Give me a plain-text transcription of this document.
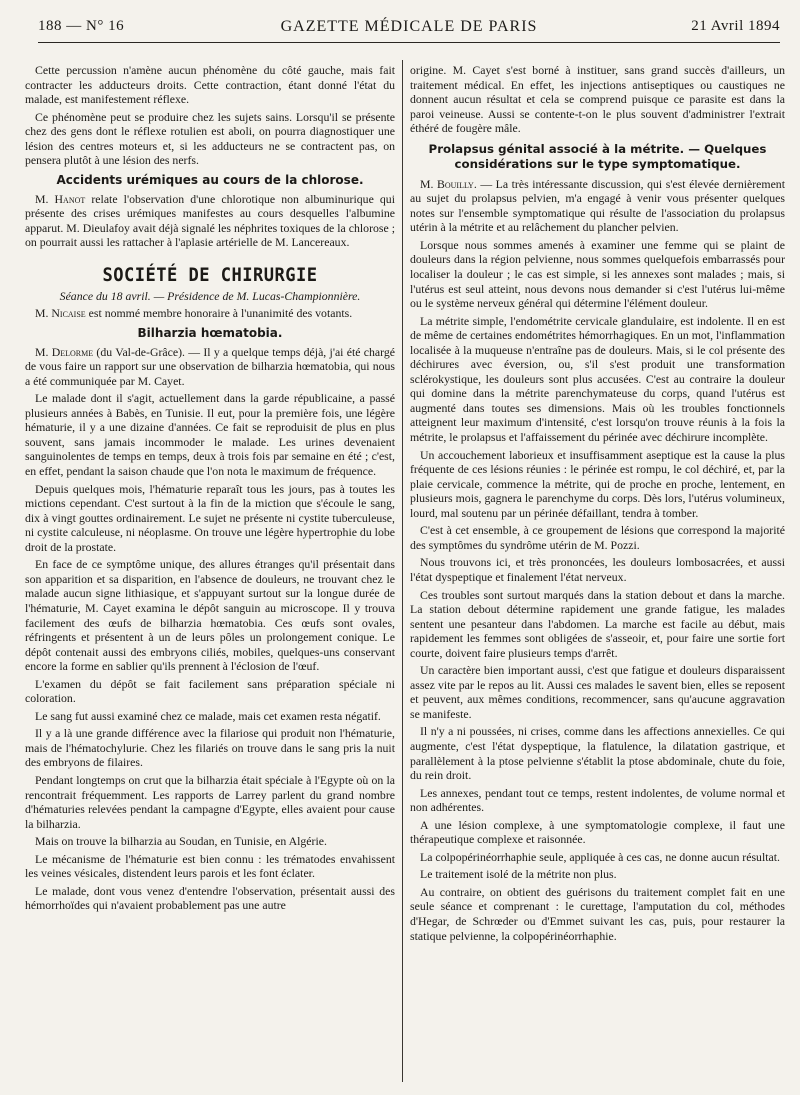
188 — N° 16	GAZETTE MÉDICALE DE PARIS	21 Avril 1894

Cette percussion n'amène aucun phénomène du côté gauche, mais fait contracter les adducteurs droits. Cette contraction, étant donné l'état du malade, est manifestement réflexe.

Ce phénomène peut se produire chez les sujets sains. Lorsqu'il se présente chez des gens dont le réflexe rotulien est aboli, on pourra diagnostiquer une lésion des centres moteurs et, si les adducteurs ne se contractent pas, on pensera plutôt à une lésion des nerfs.

Accidents urémiques au cours de la chlorose.

M. Hanot relate l'observation d'une chlorotique non albuminurique qui présente des crises urémiques manifestes au cours desquelles l'albumine apparut. M. Dieulafoy avait déjà signalé les néphrites toxiques de la chlorose ; on pourrait aussi les rattacher à l'aplasie artérielle de M. Lancereaux.

SOCIÉTÉ DE CHIRURGIE

Séance du 18 avril. — Présidence de M. Lucas-Championnière.

M. Nicaise est nommé membre honoraire à l'unanimité des votants.

Bilharzia hœmatobia.

M. Delorme (du Val-de-Grâce). — Il y a quelque temps déjà, j'ai été chargé de vous faire un rapport sur une observation de bilharzia hœmatobia, qui nous a été communiquée par M. Cayet.

Le malade dont il s'agit, actuellement dans la garde républicaine, a passé plusieurs années à Babès, en Tunisie. Il eut, pour la première fois, une légère hématurie, il y a une dizaine d'années. Ce fait se reproduisit de plus en plus souvent, sans jamais incommoder le malade. Les urines devenaient sanguinolentes de temps en temps, deux à trois fois par semaine en été ; c'est, en effet, pendant la saison chaude que l'on nota le maximum de fréquence.

Depuis quelques mois, l'hématurie reparaît tous les jours, pas à toutes les mictions cependant. C'est surtout à la fin de la miction que s'écoule le sang, dix à vingt gouttes ordinairement. Le sujet ne présente ni cystite tuberculeuse, ni cystite calculeuse, ni néoplasme. On trouve une légère hypertrophie du lobe droit de la prostate.

En face de ce symptôme unique, des allures étranges qu'il présentait dans son apparition et sa disparition, en l'absence de douleurs, ne trouvant chez le malade aucun signe lithiasique, et s'appuyant surtout sur la longue durée de l'hématurie, M. Cayet examina le dépôt sanguin au microscope. Il y trouva facilement des œufs de bilharzia hœmatobia. Ces œufs sont ovales, réfringents et présentent à un de leurs pôles un prolongement conique. Le dépôt contenait aussi des embryons ciliés, mobiles, quelques-uns conservant encore la forme en sablier qu'ils prennent à l'éclosion de l'œuf.

L'examen du dépôt se fait facilement sans préparation spéciale ni coloration.

Le sang fut aussi examiné chez ce malade, mais cet examen resta négatif.

Il y a là une grande différence avec la filariose qui produit non l'hématurie, mais de l'hématochylurie. Chez les filariés on trouve dans le sang pris la nuit des embryons de filaires.

Pendant longtemps on crut que la bilharzia était spéciale à l'Egypte où on la rencontrait fréquemment. Les rapports de Larrey parlent du grand nombre d'hématuries relevées pendant la campagne d'Egypte, elles avaient pour cause la bilharzia.

Mais on trouve la bilharzia au Soudan, en Tunisie, en Algérie.

Le mécanisme de l'hématurie est bien connu : les trématodes envahissent les veines vésicales, distendent leurs parois et les font éclater.

Le malade, dont vous venez d'entendre l'observation, présentait aussi des hémorrhoïdes qui n'avaient probablement pas une autre

origine. M. Cayet s'est borné à instituer, sans grand succès d'ailleurs, un traitement médical. En effet, les injections antiseptiques ou caustiques ne donnent aucun résultat et cela se comprend puisque ce parasite est dans la paroi veineuse. Aussi se contente-t-on le plus souvent d'administrer l'extrait éthéré de fougère mâle.

Prolapsus génital associé à la métrite. — Quelques considérations sur le type symptomatique.

M. Bouilly. — La très intéressante discussion, qui s'est élevée dernièrement au sujet du prolapsus pelvien, m'a engagé à venir vous présenter quelques notes sur l'ensemble symptomatique qui résulte de l'association du prolapsus utérin à la métrite et au relâchement du plancher pelvien.

Lorsque nous sommes amenés à examiner une femme qui se plaint de douleurs dans la région pelvienne, nous sommes quelquefois embarrassés pour localiser la douleur ; le cas est simple, si les annexes sont malades ; mais, si l'utérus est seul atteint, nous devons nous demander si c'est l'utérus lui-même ou le système nerveux général qui détermine l'élément douleur.

La métrite simple, l'endométrite cervicale glandulaire, est indolente. Il en est de même de certaines endométrites hémorrhagiques. En un mot, l'inflammation localisée à la muqueuse n'entraîne pas de douleurs. Mais, si le col présente des déchirures avec éversion, ou, s'il s'est produit une transformation sclérokystique, les douleurs sont plus accusées. C'est au contraire la douleur qui domine dans la métrite parenchymateuse du corps, quand l'utérus est augmenté dans toutes ses dimensions. Mais où les troubles fonctionnels atteignent leur maximum d'intensité, c'est lorsqu'on trouve réunis à la fois la métrite, le prolapsus et l'affaissement du périnée avec déchirure incomplète.

Un accouchement laborieux et insuffisamment aseptique est la cause la plus fréquente de ces lésions réunies : le périnée est rompu, le col déchiré, et, par la plaie cervicale, commence la métrite, qui de proche en proche, lentement, en plusieurs mois, gagnera le parenchyme du corps. Dès lors, l'utérus volumineux, lourd, mal soutenu par un périnée défaillant, tendra à tomber.

C'est à cet ensemble, à ce groupement de lésions que correspond la majorité des symptômes du syndrôme utérin de M. Pozzi.

Nous trouvons ici, et très prononcées, les douleurs lombosacrées, et aussi l'état dyspeptique et finalement l'état nerveux.

Ces troubles sont surtout marqués dans la station debout et dans la marche. La station debout détermine rapidement une grande fatigue, les malades sentent une pesanteur dans l'abdomen. La marche est facile au début, mais rapidement les femmes sont obligées de s'asseoir, et, pour faire une sortie fort courte, doivent faire plusieurs temps d'arrêt.

Un caractère bien important aussi, c'est que fatigue et douleurs disparaissent assez vite par le repos au lit. Aussi ces malades le savent bien, elles se reposent et peuvent, aux mêmes conditions, recommencer, sans qu'aucune aggravation se manifeste.

Il n'y a ni poussées, ni crises, comme dans les affections annexielles. Ce qui augmente, c'est l'état dyspeptique, la flatulence, la dilatation gastrique, et parallèlement à la ptose pelvienne s'établit la ptose abdominale, chute du foie, du rein droit.

Les annexes, pendant tout ce temps, restent indolentes, de volume normal et non adhérentes.

A une lésion complexe, à une symptomatologie complexe, il faut une thérapeutique complexe et raisonnée.

La colpopérinéorrhaphie seule, appliquée à ces cas, ne donne aucun résultat.

Le traitement isolé de la métrite non plus.

Au contraire, on obtient des guérisons du traitement complet fait en une seule séance et comprenant : le curettage, l'amputation du col, méthodes d'Hegar, de Schrœder ou d'Emmet suivant les cas, puis, pour restaurer la statique pelvienne, la colpopérinéorrhaphie.
